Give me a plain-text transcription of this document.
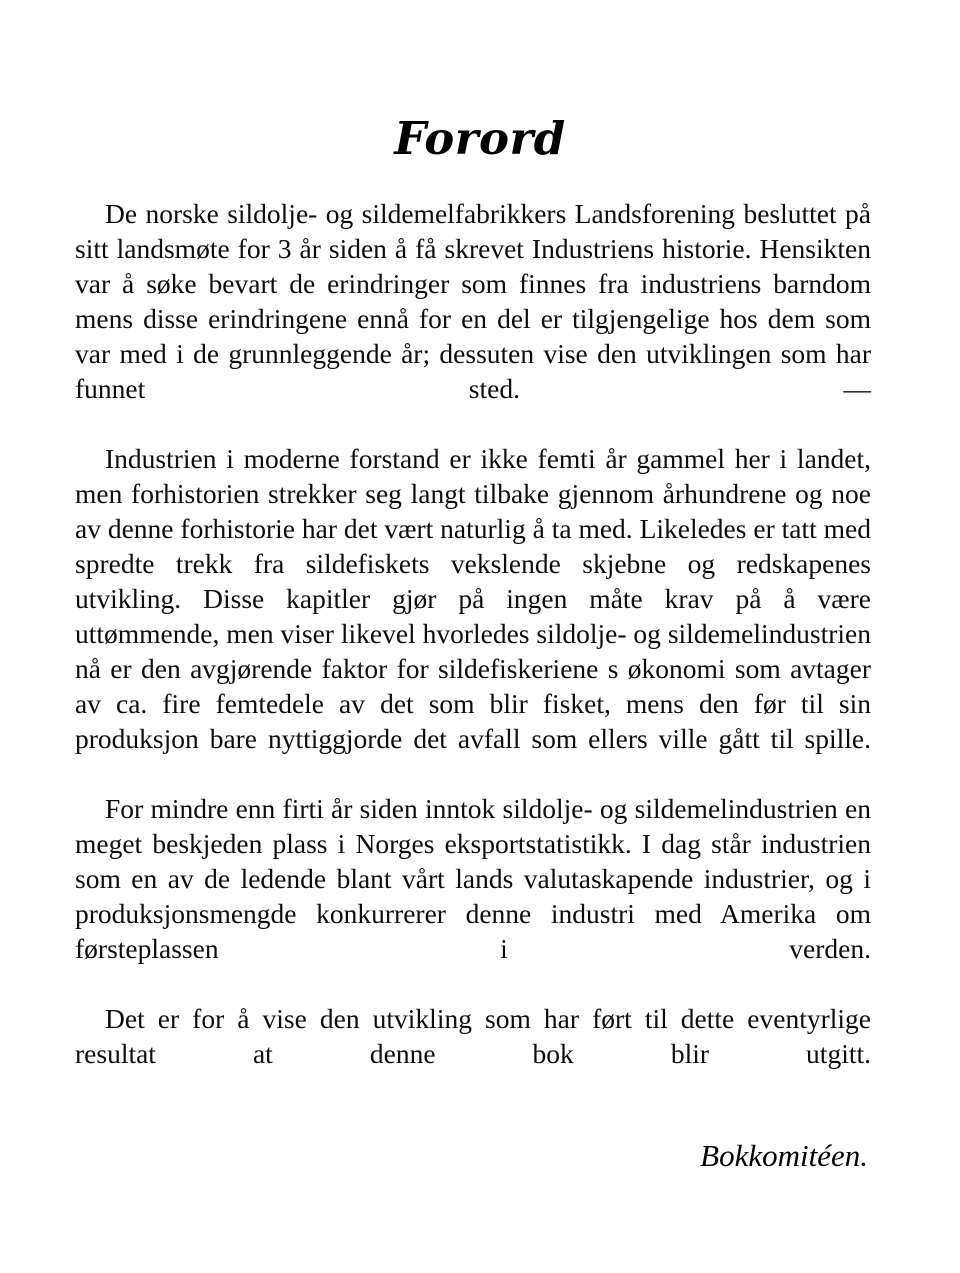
Forord

De norske sildolje- og sildemelfabrikkers Landsforening besluttet på sitt landsmøte for 3 år siden å få skrevet Industriens historie. Hensikten var å søke bevart de erindringer som finnes fra industriens barndom mens disse erindringene ennå for en del er tilgjengelige hos dem som var med i de grunnleggende år; dessuten vise den utviklingen som har funnet sted. —

Industrien i moderne forstand er ikke femti år gammel her i landet, men forhistorien strekker seg langt tilbake gjennom århundrene og noe av denne forhistorie har det vært naturlig å ta med. Likeledes er tatt med spredte trekk fra sildefiskets vekslende skjebne og redskapenes utvikling. Disse kapitler gjør på ingen måte krav på å være uttømmende, men viser likevel hvorledes sildolje- og sildemelindustrien nå er den avgjørende faktor for sildefiskeriene s økonomi som avtager av ca. fire femtedele av det som blir fisket, mens den før til sin produksjon bare nyttiggjorde det avfall som ellers ville gått til spille.

For mindre enn firti år siden inntok sildolje- og sildemelindustrien en meget beskjeden plass i Norges eksportstatistikk. I dag står industrien som en av de ledende blant vårt lands valutaskapende industrier, og i produksjonsmengde konkurrerer denne industri med Amerika om førsteplassen i verden.

Det er for å vise den utvikling som har ført til dette eventyrlige resultat at denne bok blir utgitt.

Bokkomitéen.
